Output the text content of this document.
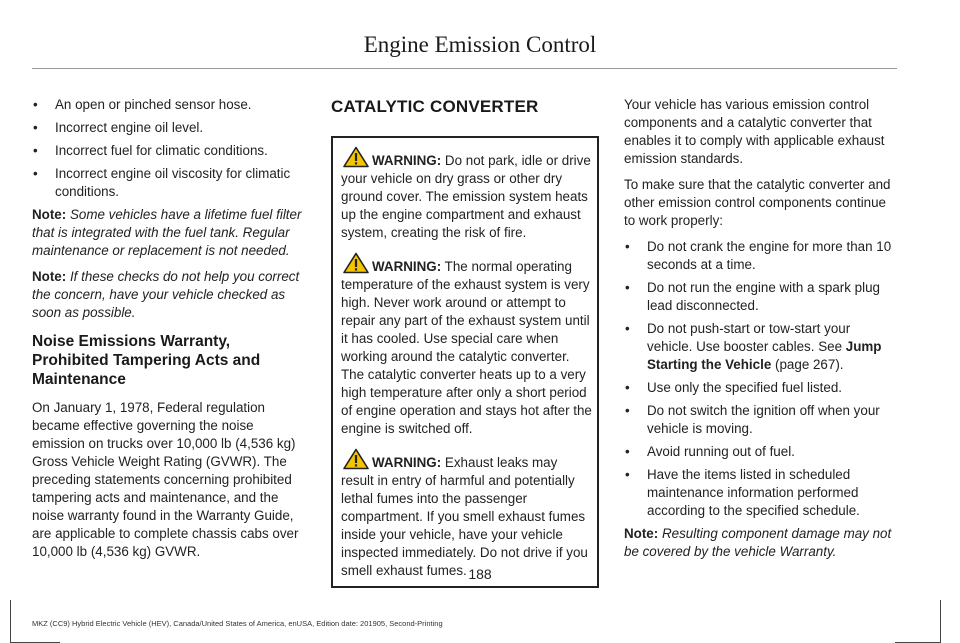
Engine Emission Control
• An open or pinched sensor hose.
• Incorrect engine oil level.
• Incorrect fuel for climatic conditions.
• Incorrect engine oil viscosity for climatic conditions.

Note: Some vehicles have a lifetime fuel filter that is integrated with the fuel tank. Regular maintenance or replacement is not needed.

Note: If these checks do not help you correct the concern, have your vehicle checked as soon as possible.

Noise Emissions Warranty, Prohibited Tampering Acts and Maintenance

On January 1, 1978, Federal regulation became effective governing the noise emission on trucks over 10,000 lb (4,536 kg) Gross Vehicle Weight Rating (GVWR). The preceding statements concerning prohibited tampering acts and maintenance, and the noise warranty found in the Warranty Guide, are applicable to complete chassis cabs over 10,000 lb (4,536 kg) GVWR.

CATALYTIC CONVERTER
WARNING: Do not park, idle or drive your vehicle on dry grass or other dry ground cover. The emission system heats up the engine compartment and exhaust system, creating the risk of fire.
WARNING: The normal operating temperature of the exhaust system is very high. Never work around or attempt to repair any part of the exhaust system until it has cooled. Use special care when working around the catalytic converter. The catalytic converter heats up to a very high temperature after only a short period of engine operation and stays hot after the engine is switched off.
WARNING: Exhaust leaks may result in entry of harmful and potentially lethal fumes into the passenger compartment. If you smell exhaust fumes inside your vehicle, have your vehicle inspected immediately. Do not drive if you smell exhaust fumes.

Your vehicle has various emission control components and a catalytic converter that enables it to comply with applicable exhaust emission standards.

To make sure that the catalytic converter and other emission control components continue to work properly:

• Do not crank the engine for more than 10 seconds at a time.
• Do not run the engine with a spark plug lead disconnected.
• Do not push-start or tow-start your vehicle. Use booster cables. See Jump Starting the Vehicle (page 267).
• Use only the specified fuel listed.
• Do not switch the ignition off when your vehicle is moving.
• Avoid running out of fuel.
• Have the items listed in scheduled maintenance information performed according to the specified schedule.

Note: Resulting component damage may not be covered by the vehicle Warranty.

188
MKZ (CC9) Hybrid Electric Vehicle (HEV), Canada/United States of America, enUSA, Edition date: 201905, Second-Printing
